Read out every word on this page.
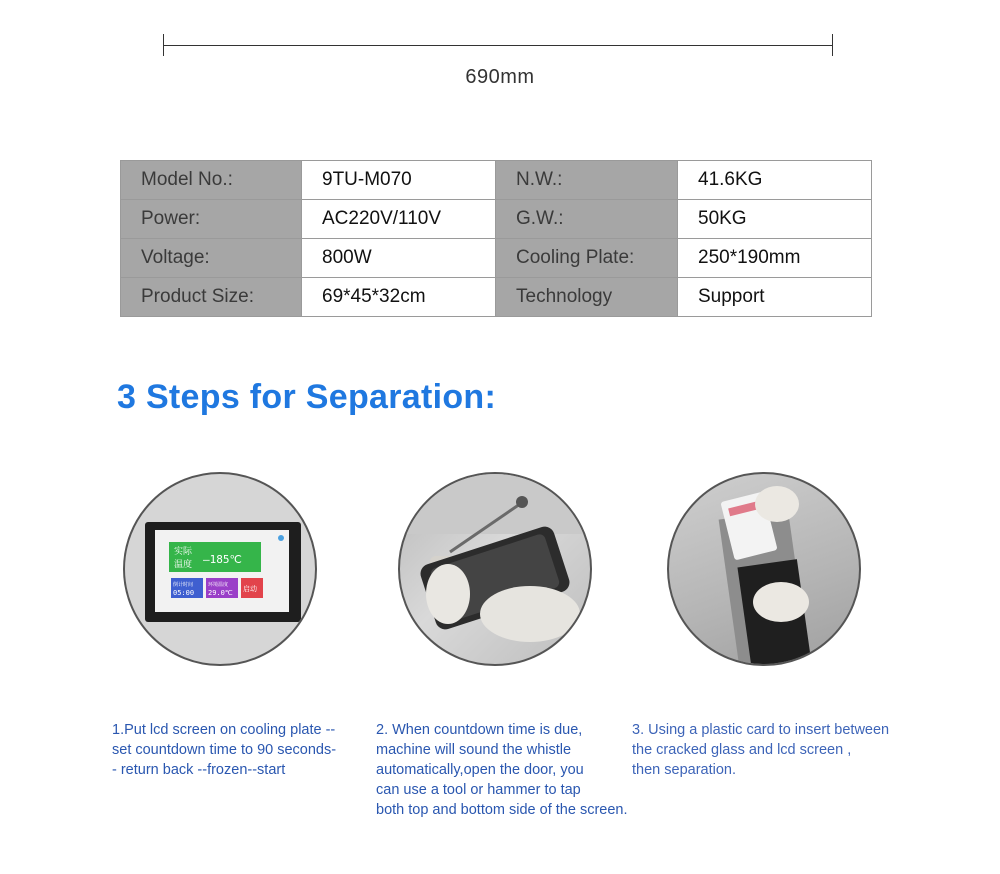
690mm
Model No.:	9TU-M070	N.W.:	41.6KG
Power:	AC220V/110V	G.W.:	50KG
Voltage:	800W	Cooling Plate:	250*190mm
Product Size:	69*45*32cm	Technology	Support
3 Steps for Separation:
实际
温度 —185℃
倒计时间
05:00
环境温度
29.0℃ 启动
1.Put lcd screen on cooling plate --
set countdown time to 90 seconds-
- return back --frozen--start
2. When countdown time is due,
machine will sound the whistle
automatically,open the door, you
can use a tool or hammer to tap
both top and bottom side of the screen.
3. Using a plastic card to insert between
the cracked glass and lcd screen ,
then separation.
